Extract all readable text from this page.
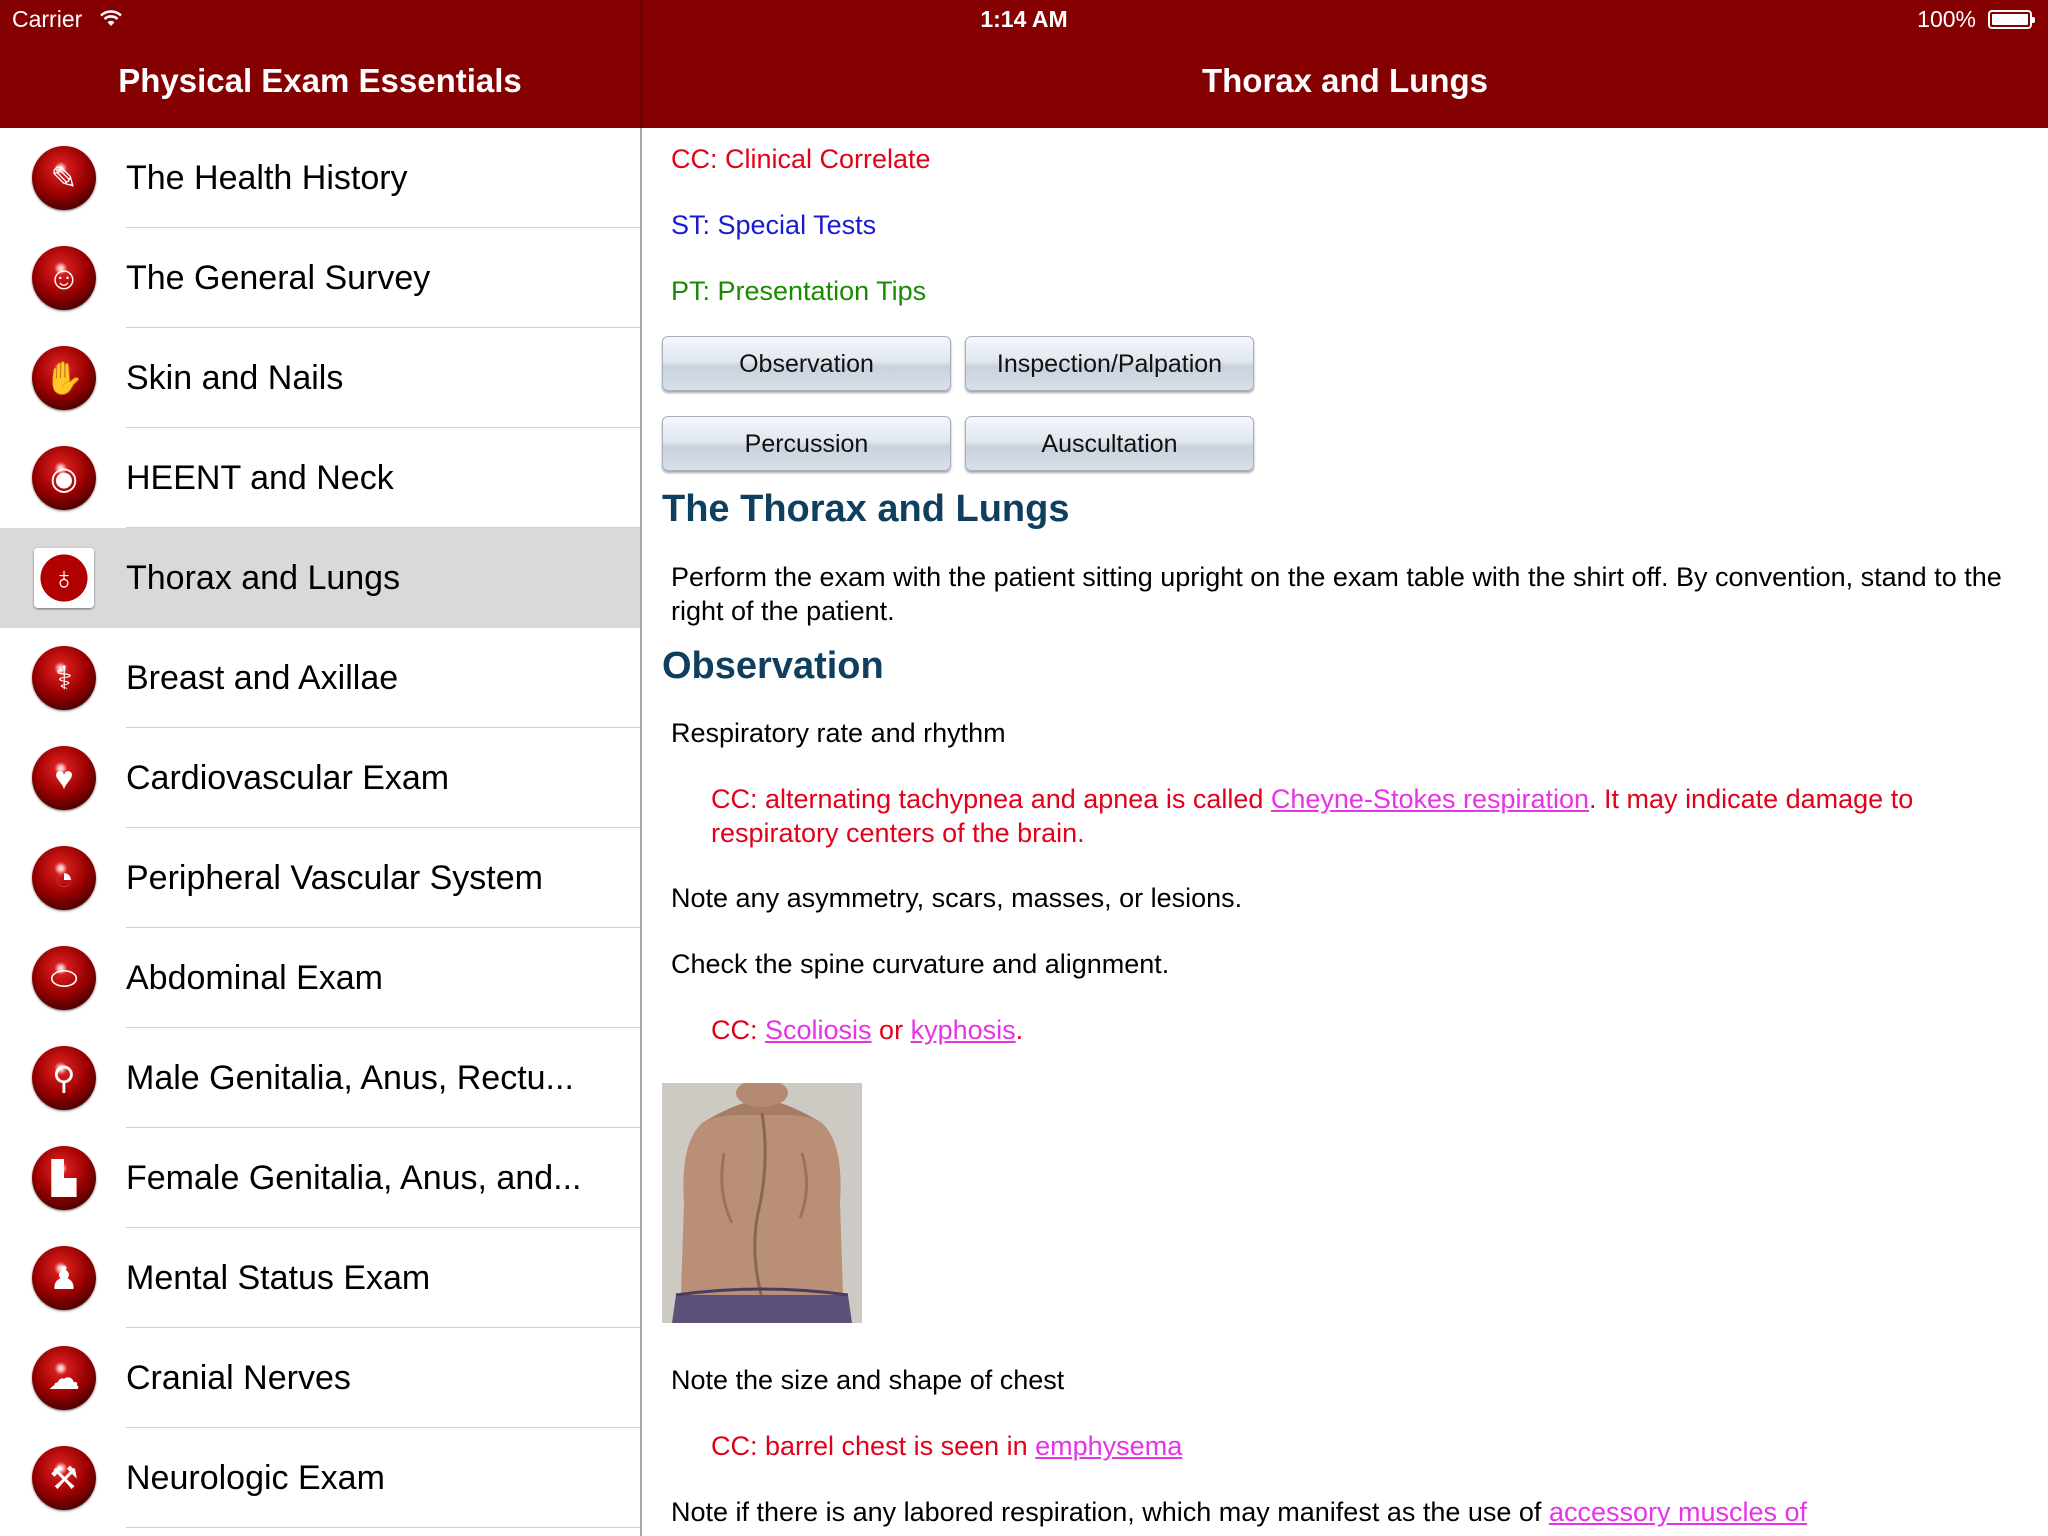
Carrier	1:14 AM	100%
Physical Exam Essentials	Thorax and Lungs
✎	The Health History
☺	The General Survey
✋	Skin and Nails
◉	HEENT and Neck
♁	Thorax and Lungs
⚕	Breast and Axillae
♥	Cardiovascular Exam
◔	Peripheral Vascular System
⬭	Abdominal Exam
⚲	Male Genitalia, Anus, Rectu...
▙	Female Genitalia, Anus, and...
♟	Mental Status Exam
☁	Cranial Nerves
⚒	Neurologic Exam
CC: Clinical Correlate
ST: Special Tests
PT: Presentation Tips
Observation	Inspection/Palpation
Percussion	Auscultation
The Thorax and Lungs
Perform the exam with the patient sitting upright on the exam table with the shirt off. By convention, stand to the right of the patient.
Observation
Respiratory rate and rhythm
CC: alternating tachypnea and apnea is called Cheyne-Stokes respiration. It may indicate damage to respiratory centers of the brain.
Note any asymmetry, scars, masses, or lesions.
Check the spine curvature and alignment.
CC: Scoliosis or kyphosis.
Note the size and shape of chest
CC: barrel chest is seen in emphysema
Note if there is any labored respiration, which may manifest as the use of accessory muscles of
